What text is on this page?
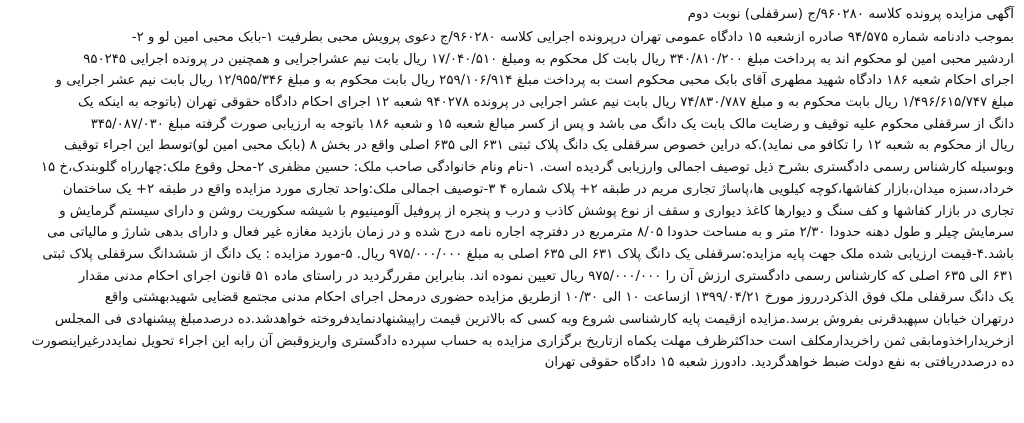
آگهی مزایده پرونده کلاسه ۹۶۰۲۸۰/ج (سرقفلی) نوبت دوم
بموجب دادنامه شماره ۹۴/۵۷۵ صادره ازشعبه ۱۵ دادگاه عمومی تهران درپرونده اجرایی کلاسه ۹۶۰۲۸۰/ج دعوی پرویش محبی بطرفیت ۱-بابک محبی امین لو و ۲-
اردشیر محبی امین لو محکوم اند به پرداخت مبلغ ۳۴۰/۸۱۰/۲۰۰ ریال بابت کل محکوم به ومبلغ ۱۷/۰۴۰/۵۱۰ ریال بابت نیم عشراجرایی و همچنین در پرونده اجرایی ۹۵۰۲۴۵
اجرای احکام شعبه ۱۸۶ دادگاه شهید مطهری آقای بابک محبی محکوم است به پرداخت مبلغ ۲۵۹/۱۰۶/۹۱۴ ریال بابت محکوم به و مبلغ ۱۲/۹۵۵/۳۴۶ ریال بابت نیم عشر اجرایی و
مبلغ ۱/۴۹۶/۶۱۵/۷۴۷ ریال بابت محکوم به و مبلغ ۷۴/۸۳۰/۷۸۷ ریال بابت نیم عشر اجرایی در پرونده ۹۴۰۲۷۸ شعبه ۱۲ اجرای احکام دادگاه حقوقی تهران (باتوجه به اینکه یک
دانگ از سرقفلی محکوم علیه توقیف و رضایت مالک بابت یک دانگ می باشد و پس از کسر مبالغ شعبه ۱۵ و شعبه ۱۸۶ باتوجه به ارزیابی صورت گرفته مبلغ ۳۴۵/۰۸۷/۰۳۰
ریال از محکوم به شعبه ۱۲ را تکافو می نماید).که دراین خصوص سرقفلی یک دانگ پلاک ثبتی ۶۳۱ الی ۶۳۵ اصلی واقع در بخش ۸ (بابک محبی امین لو)توسط این اجراء توقیف
وبوسیله کارشناس رسمی دادگستری بشرح ذیل توصیف اجمالی وارزیابی گردیده است. ۱-نام ونام خانوادگی صاحب ملک: حسین مظفری ۲-محل وقوع ملک:چهارراه گلوبندک،خ ۱۵
خرداد،سبزه میدان،بازار کفاشها،کوچه کیلویی ها،پاساژ تجاری مریم در طبقه ۲+ پلاک شماره ۴ ۳-توصیف اجمالی ملک:واحد تجاری مورد مزایده واقع در طبقه ۲+ یک ساختمان
تجاری در بازار کفاشها و کف سنگ و دیوارها کاغذ دیواری و سقف از نوع پوشش کاذب و درب و پنجره از پروفیل آلومینیوم با شیشه سکوریت روشن و دارای سیستم گرمایش و
سرمایش چیلر و طول دهنه حدودا ۲/۳۰ متر و به مساحت حدودا ۸/۰۵ مترمربع در دفترچه اجاره نامه درج شده و در زمان بازدید مغازه غیر فعال و دارای بدهی شارژ و مالیاتی می
باشد.۴-قیمت ارزیابی شده ملک جهت پایه مزایده:سرقفلی یک دانگ پلاک ۶۳۱ الی ۶۳۵ اصلی به مبلغ ۹۷۵/۰۰۰/۰۰۰ ریال. ۵-مورد مزایده : یک دانگ از ششدانگ سرقفلی پلاک ثبتی
۶۳۱ الی ۶۳۵ اصلی که کارشناس رسمی دادگستری ارزش آن را ۹۷۵/۰۰۰/۰۰۰ ریال تعیین نموده اند. بنابراین مقررگردید در راستای ماده ۵۱ قانون اجرای احکام مدنی مقدار
یک دانگ سرقفلی ملک فوق الذکردرروز مورخ ۱۳۹۹/۰۴/۲۱ ازساعت ۱۰ الی ۱۰/۳۰ ازطریق مزایده حضوری درمحل اجرای احکام مدنی مجتمع قضایی شهیدبهشتی واقع
درتهران خیابان سپهبدقرنی بفروش برسد.مزایده ازقیمت پایه کارشناسی شروع وبه کسی که بالاترین قیمت راپیشنهادنمایدفروخته خواهدشد.ده درصدمبلغ پیشنهادی فی المجلس
ازخریداراخذومابقی ثمن راخریدارمکلف است حداکثرظرف مهلت یکماه ازتاریخ برگزاری مزایده به حساب سپرده دادگستری واریزوقبض آن رابه این اجراء تحویل نمایددرغیراینصورت
ده درصددریافتی به نفع دولت ضبط خواهدگردید. دادورز شعبه ۱۵ دادگاه حقوقی تهران
